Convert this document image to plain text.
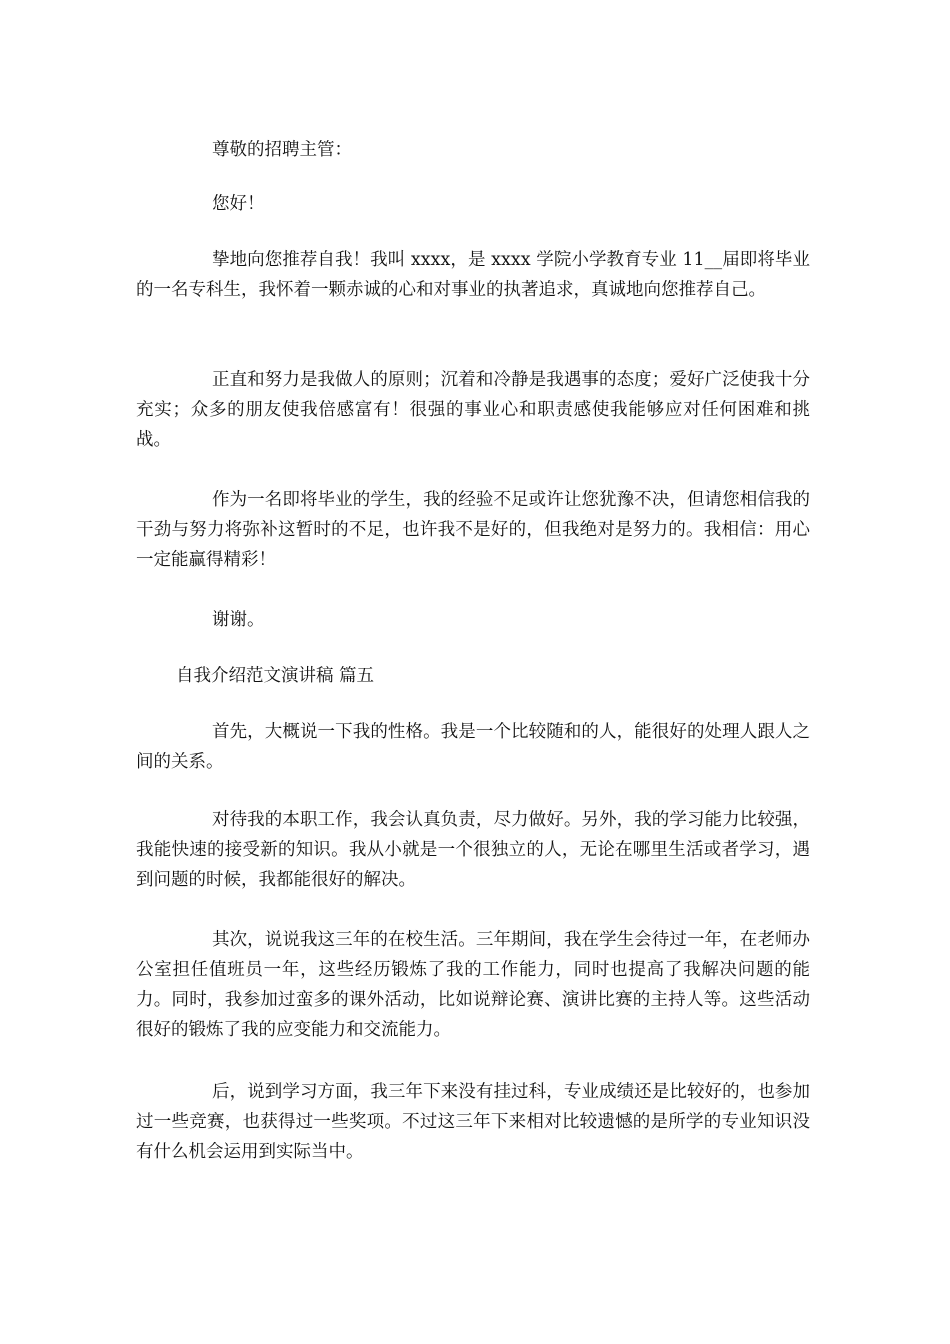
尊敬的招聘主管：

您好！

挚地向您推荐自我！我叫 xxxx，是 xxxx 学院小学教育专业 11__届即将毕业的一名专科生，我怀着一颗赤诚的心和对事业的执著追求，真诚地向您推荐自己。

正直和努力是我做人的原则；沉着和冷静是我遇事的态度；爱好广泛使我十分充实；众多的朋友使我倍感富有！很强的事业心和职责感使我能够应对任何困难和挑战。

作为一名即将毕业的学生，我的经验不足或许让您犹豫不决，但请您相信我的干劲与努力将弥补这暂时的不足，也许我不是好的，但我绝对是努力的。我相信：用心一定能赢得精彩！

谢谢。

自我介绍范文演讲稿 篇五

首先，大概说一下我的性格。我是一个比较随和的人，能很好的处理人跟人之间的关系。

对待我的本职工作，我会认真负责，尽力做好。另外，我的学习能力比较强，我能快速的接受新的知识。我从小就是一个很独立的人，无论在哪里生活或者学习，遇到问题的时候，我都能很好的解决。

其次，说说我这三年的在校生活。三年期间，我在学生会待过一年，在老师办公室担任值班员一年，这些经历锻炼了我的工作能力，同时也提高了我解决问题的能力。同时，我参加过蛮多的课外活动，比如说辩论赛、演讲比赛的主持人等。这些活动很好的锻炼了我的应变能力和交流能力。

后，说到学习方面，我三年下来没有挂过科，专业成绩还是比较好的，也参加过一些竞赛，也获得过一些奖项。不过这三年下来相对比较遗憾的是所学的专业知识没有什么机会运用到实际当中。
